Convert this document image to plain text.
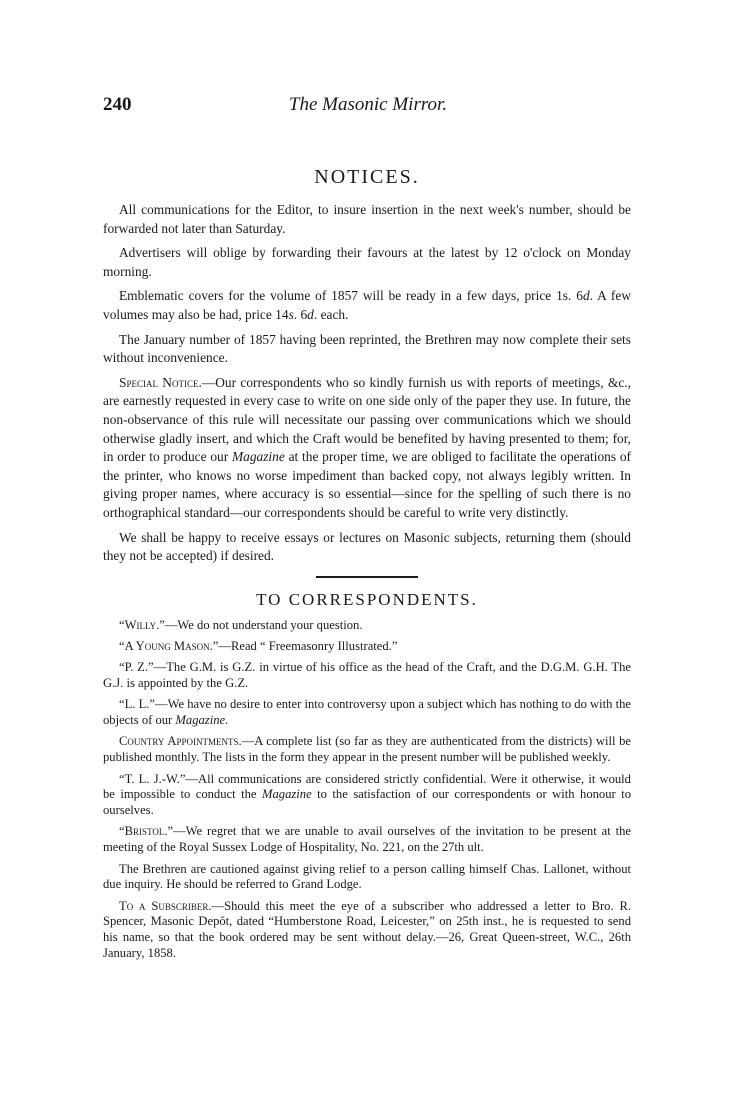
240	The Masonic Mirror.
NOTICES.

All communications for the Editor, to insure insertion in the next week's number, should be forwarded not later than Saturday.

Advertisers will oblige by forwarding their favours at the latest by 12 o'clock on Monday morning.

Emblematic covers for the volume of 1857 will be ready in a few days, price 1s. 6d. A few volumes may also be had, price 14s. 6d. each.

The January number of 1857 having been reprinted, the Brethren may now complete their sets without inconvenience.

Special Notice.—Our correspondents who so kindly furnish us with reports of meetings, &c., are earnestly requested in every case to write on one side only of the paper they use. In future, the non-observance of this rule will necessitate our passing over communications which we should otherwise gladly insert, and which the Craft would be benefited by having presented to them; for, in order to produce our Magazine at the proper time, we are obliged to facilitate the operations of the printer, who knows no worse impediment than backed copy, not always legibly written. In giving proper names, where accuracy is so essential—since for the spelling of such there is no orthographical standard—our correspondents should be careful to write very distinctly.

We shall be happy to receive essays or lectures on Masonic subjects, returning them (should they not be accepted) if desired.

TO CORRESPONDENTS.

“Willy.”—We do not understand your question.

“A Young Mason.”—Read “ Freemasonry Illustrated.”

“P. Z.”—The G.M. is G.Z. in virtue of his office as the head of the Craft, and the D.G.M. G.H. The G.J. is appointed by the G.Z.

“L. L.”—We have no desire to enter into controversy upon a subject which has nothing to do with the objects of our Magazine.

Country Appointments.—A complete list (so far as they are authenticated from the districts) will be published monthly. The lists in the form they appear in the present number will be published weekly.

“T. L. J.-W.”—All communications are considered strictly confidential. Were it otherwise, it would be impossible to conduct the Magazine to the satisfaction of our correspondents or with honour to ourselves.

“Bristol.”—We regret that we are unable to avail ourselves of the invitation to be present at the meeting of the Royal Sussex Lodge of Hospitality, No. 221, on the 27th ult.

The Brethren are cautioned against giving relief to a person calling himself Chas. Lallonet, without due inquiry. He should be referred to Grand Lodge.

To a Subscriber.—Should this meet the eye of a subscriber who addressed a letter to Bro. R. Spencer, Masonic Depôt, dated “Humberstone Road, Leicester,” on 25th inst., he is requested to send his name, so that the book ordered may be sent without delay.—26, Great Queen-street, W.C., 26th January, 1858.
